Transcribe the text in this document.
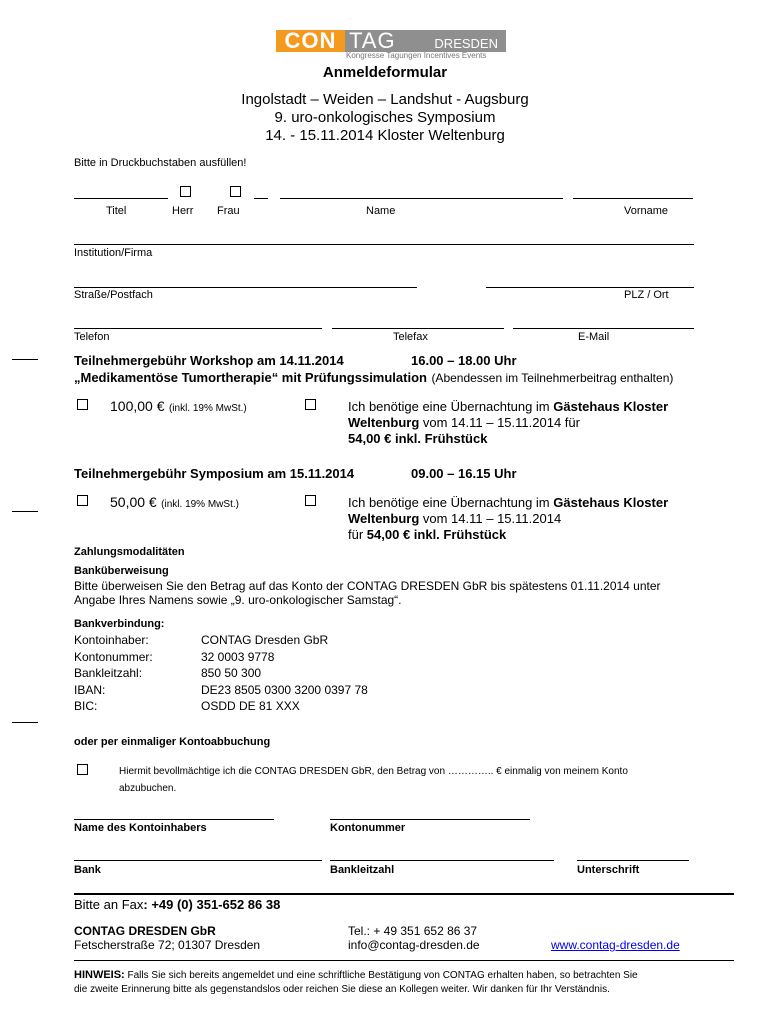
CON TAG	DRESDEN
Kongresse Tagungen Incentives Events
Anmeldeformular
Ingolstadt – Weiden – Landshut - Augsburg
9. uro-onkologisches Symposium
14. - 15.11.2014 Kloster Weltenburg
Bitte in Druckbuchstaben ausfüllen!
Titel	Herr Frau	Name	Vorname
Institution/Firma
Straße/Postfach	PLZ / Ort
Telefon	Telefax	E-Mail
Teilnehmergebühr Workshop am 14.11.2014	16.00 – 18.00 Uhr
„Medikamentöse Tumortherapie“ mit Prüfungssimulation (Abendessen im Teilnehmerbeitrag enthalten)
100,00 € (inkl. 19% MwSt.)	Ich benötige eine Übernachtung im Gästehaus Kloster
Weltenburg vom 14.11 – 15.11.2014 für
54,00 € inkl. Frühstück
Teilnehmergebühr Symposium am 15.11.2014	09.00 – 16.15 Uhr
50,00 € (inkl. 19% MwSt.)	Ich benötige eine Übernachtung im Gästehaus Kloster
Weltenburg vom 14.11 – 15.11.2014
für 54,00 € inkl. Frühstück
Zahlungsmodalitäten
Banküberweisung
Bitte überweisen Sie den Betrag auf das Konto der CONTAG DRESDEN GbR bis spätestens 01.11.2014 unter
Angabe Ihres Namens sowie „9. uro-onkologischer Samstag“.
Bankverbindung:
Kontoinhaber:	CONTAG Dresden GbR
Kontonummer:	32 0003 9778
Bankleitzahl:	850 50 300
IBAN:	DE23 8505 0300 3200 0397 78
BIC:	OSDD DE 81 XXX
oder per einmaliger Kontoabbuchung
Hiermit bevollmächtige ich die CONTAG DRESDEN GbR, den Betrag von ………….. € einmalig von meinem Konto
abzubuchen.
Name des Kontoinhabers	Kontonummer
Bank	Bankleitzahl	Unterschrift
Bitte an Fax: +49 (0) 351-652 86 38
CONTAG DRESDEN GbR
Fetscherstraße 72; 01307 Dresden
Tel.: + 49 351 652 86 37
info@contag-dresden.de	www.contag-dresden.de
HINWEIS: Falls Sie sich bereits angemeldet und eine schriftliche Bestätigung von CONTAG erhalten haben, so betrachten Sie
die zweite Erinnerung bitte als gegenstandslos oder reichen Sie diese an Kollegen weiter. Wir danken für Ihr Verständnis.
